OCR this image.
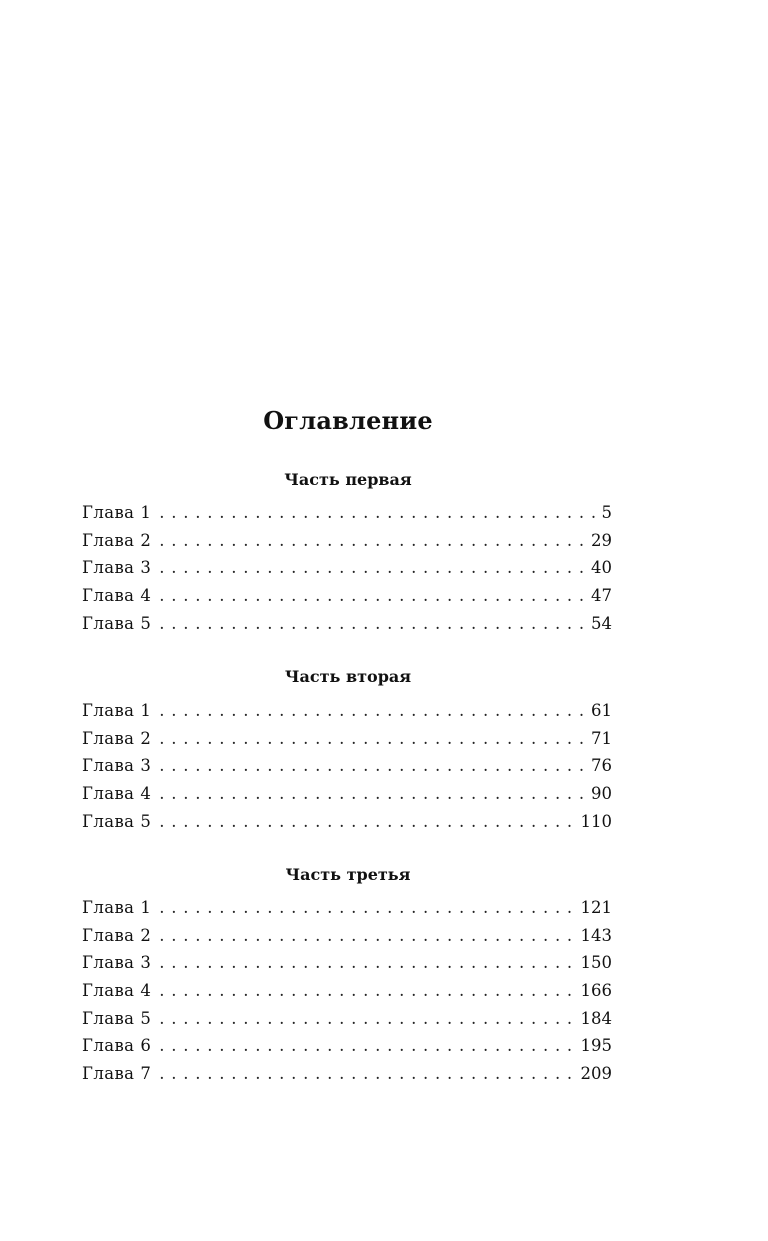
Оглавление
Часть первая
Глава 1 . . .	5
Глава 2 . . .	29
Глава 3 . . .	40
Глава 4 . . .	47
Глава 5 . . .	54
Часть вторая
Глава 1 . . .	61
Глава 2 . . .	71
Глава 3 . . .	76
Глава 4 . . .	90
Глава 5 . . .	110
Часть третья
Глава 1 . . .	121
Глава 2 . . .	143
Глава 3 . . .	150
Глава 4 . . .	166
Глава 5 . . .	184
Глава 6 . . .	195
Глава 7 . . .	209
